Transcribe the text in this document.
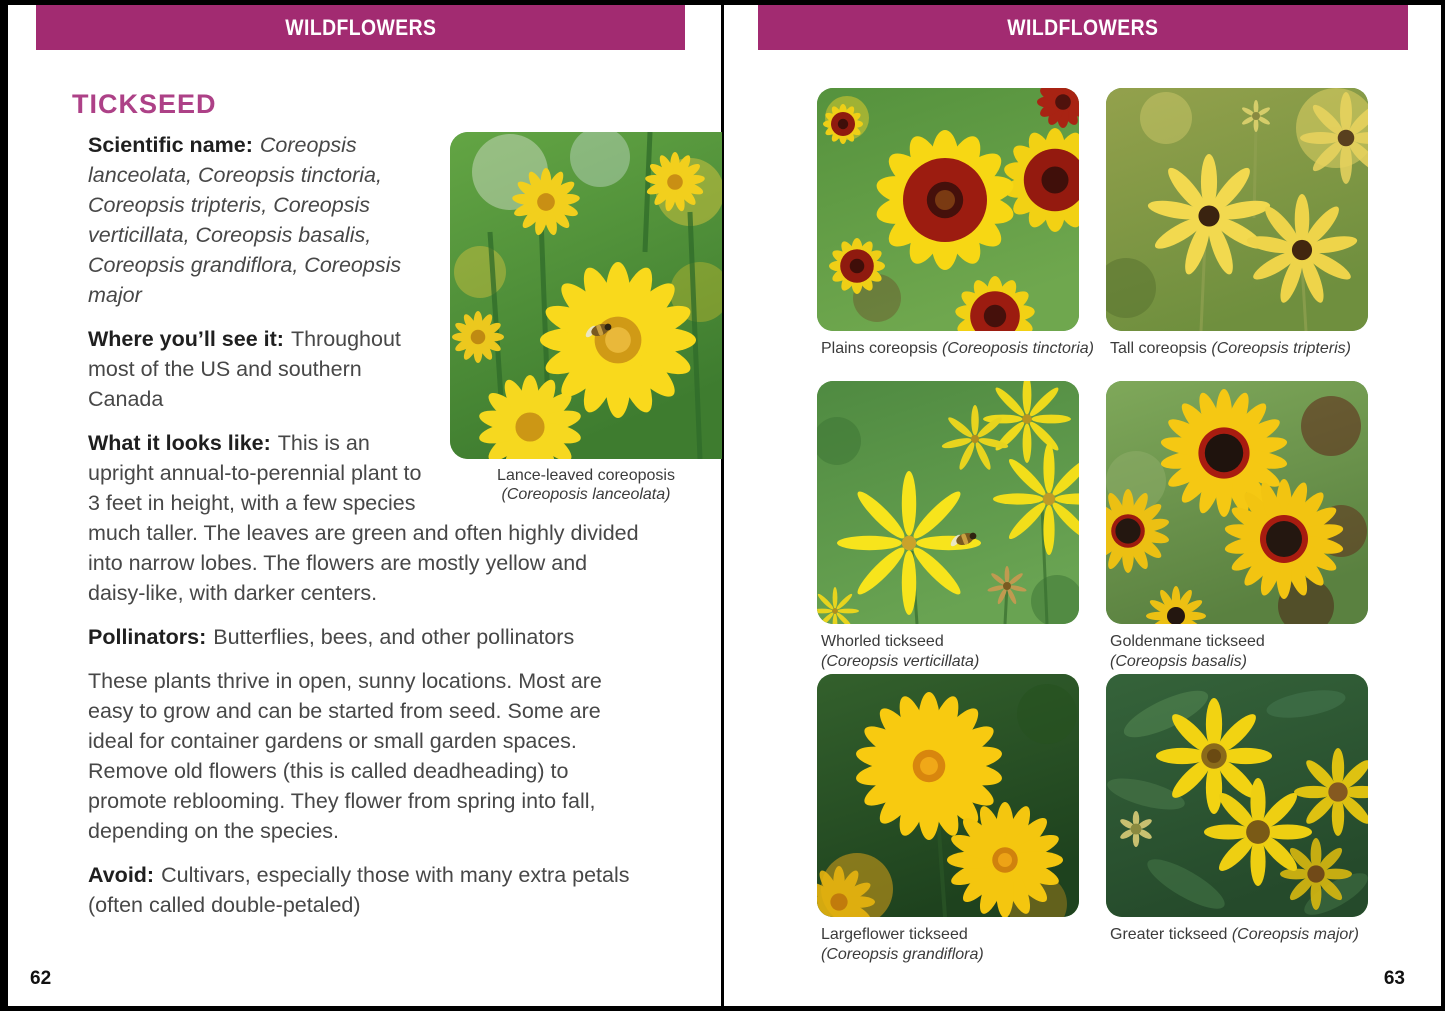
WILDFLOWERS
TICKSEED
Lance-leaved coreoposis
(Coreoposis lanceolata)

Scientific name: Coreopsis lanceolata, Coreopsis tinctoria, Coreopsis tripteris, Coreopsis verticillata, Coreopsis basalis, Coreopsis grandiflora, Coreopsis major

Where you’ll see it: Throughout most of the US and southern Canada

What it looks like: This is an upright annual-to-perennial plant to 3 feet in height, with a few species much taller. The leaves are green and often highly divided into narrow lobes. The flowers are mostly yellow and daisy-like, with darker centers.

Pollinators: Butterflies, bees, and other pollinators

These plants thrive in open, sunny locations. Most are easy to grow and can be started from seed. Some are ideal for container gardens or small garden spaces. Remove old flowers (this is called deadheading) to promote reblooming. They flower from spring into fall, depending on the species.

Avoid: Cultivars, especially those with many extra petals (often called double-petaled)

62
WILDFLOWERS
Plains coreopsis (Coreoposis tinctoria) Tall coreopsis (Coreopsis tripteris)
Whorled tickseed
(Coreopsis verticillata)
Goldenmane tickseed
(Coreopsis basalis)
Largeflower tickseed
(Coreopsis grandiflora)
Greater tickseed (Coreopsis major)
63
